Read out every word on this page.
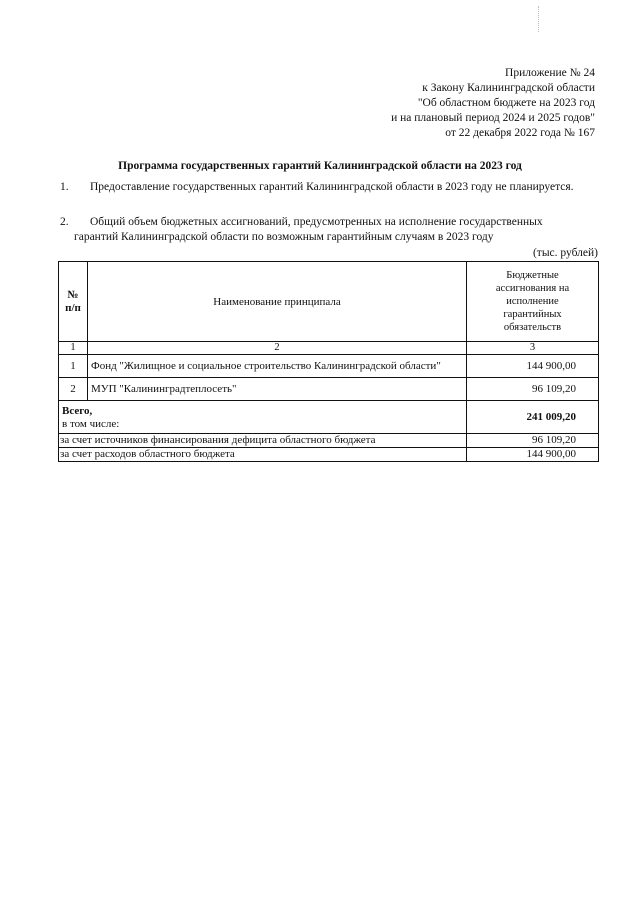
Приложение № 24
к Закону Калининградской области
"Об областном бюджете на 2023 год
и на плановый период 2024 и 2025 годов"
от 22 декабря 2022 года № 167
Программа государственных гарантий Калининградской области на 2023 год
1. Предоставление государственных гарантий Калининградской области в 2023 году не планируется.
2. Общий объем бюджетных ассигнований, предусмотренных на исполнение государственных
гарантий Калининградской области по возможным гарантийным случаям в 2023 году
(тыс. рублей)
№
п/п	Наименование принципала	Бюджетные
ассигнования на
исполнение
гарантийных
обязательств
1	2	3
1	Фонд "Жилищное и социальное строительство Калининградской области"	144 900,00
2	МУП "Калининградтеплосеть"	96 109,20
Всего,
в том числе:		241 009,20
за счет источников финансирования дефицита областного бюджета		96 109,20
за счет расходов областного бюджета		144 900,00
